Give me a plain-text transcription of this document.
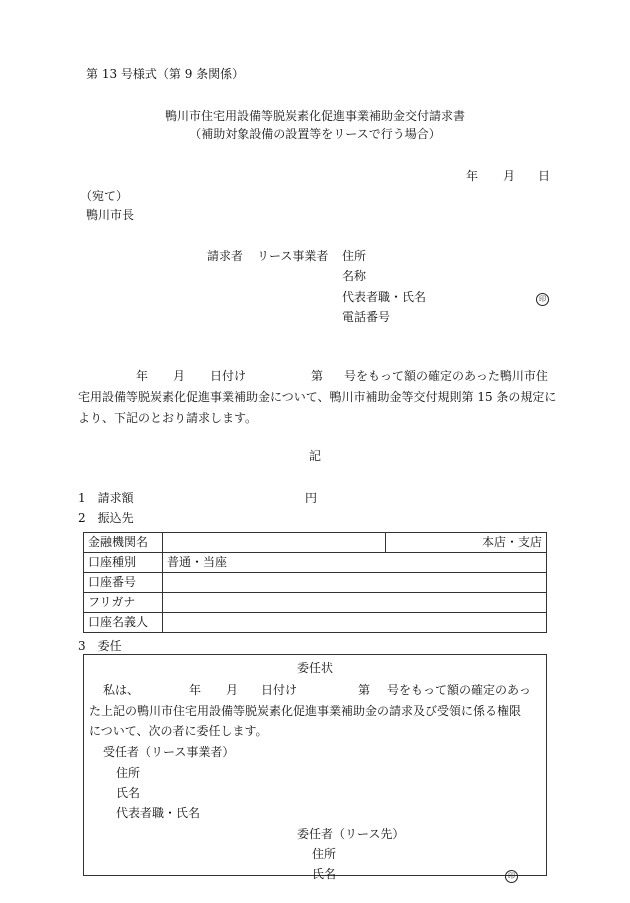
第 13 号様式（第 9 条関係）
鴨川市住宅用設備等脱炭素化促進事業補助金交付請求書
（補助対象設備の設置等をリースで行う場合）
年 月 日
（宛て）
鴨川市長
請求者 リース事業者 住所
名称
代表者職・氏名	印
電話番号
年 月 日付け	第 号をもって額の確定のあった鴨川市住
宅用設備等脱炭素化促進事業補助金について、鴨川市補助金等交付規則第 15 条の規定に
より、下記のとおり請求します。
記
1　請求額	円
2　振込先
金融機関名		本店・支店
口座種別	普通・当座	
口座番号		
フリガナ		
口座名義人		
3　委任
委任状
私は、	年 月 日付け	第 号をもって額の確定のあっ
た上記の鴨川市住宅用設備等脱炭素化促進事業補助金の請求及び受領に係る権限
について、次の者に委任します。
受任者（リース事業者）
住所
氏名
代表者職・氏名
委任者（リース先）
住所
氏名	印
